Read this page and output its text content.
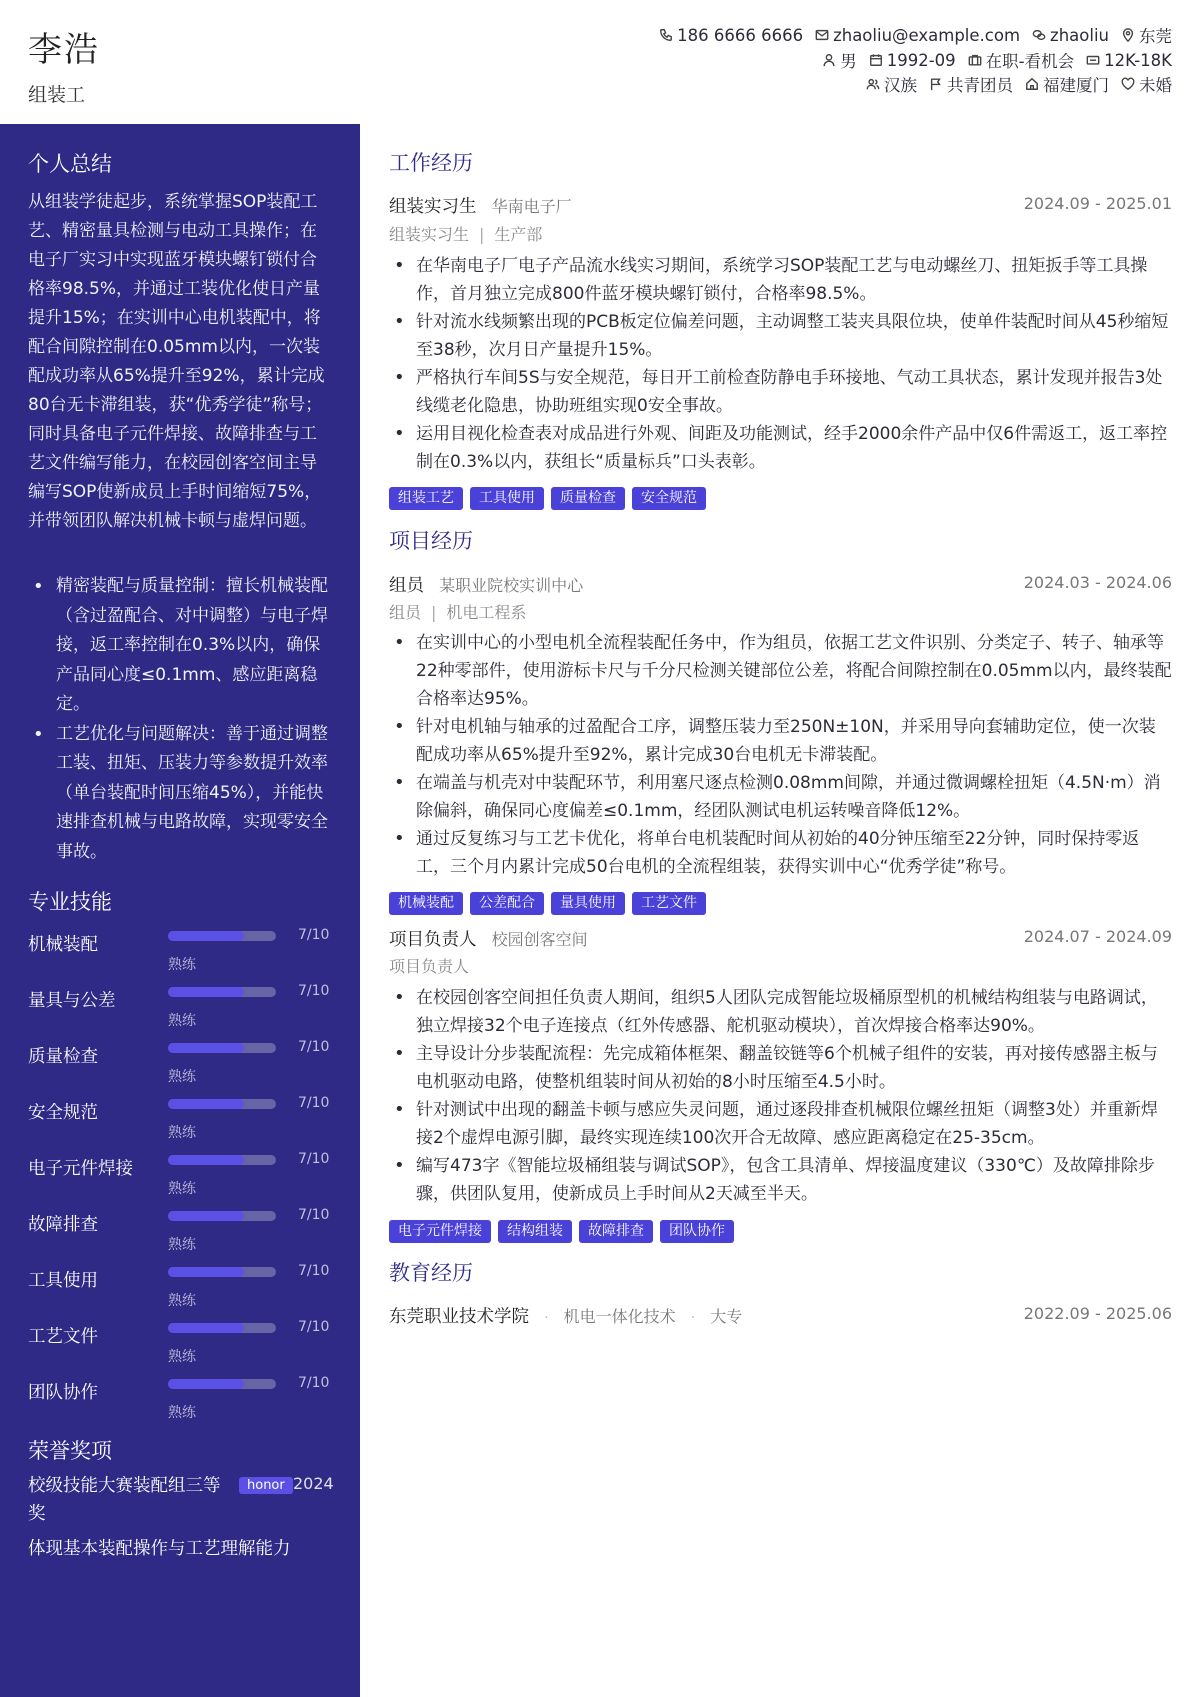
李浩
组装工
186 6666 6666 zhaoliu@example.com zhaoliu 东莞
男 1992-09 在职-看机会 12K-18K
汉族 共青团员 福建厦门 未婚
个人总结
从组装学徒起步，系统掌握SOP装配工艺、精密量具检测与电动工具操作；在电子厂实习中实现蓝牙模块螺钉锁付合格率98.5%，并通过工装优化使日产量提升15%；在实训中心电机装配中，将配合间隙控制在0.05mm以内，一次装配成功率从65%提升至92%，累计完成80台无卡滞组装，获“优秀学徒”称号；同时具备电子元件焊接、故障排查与工艺文件编写能力，在校园创客空间主导编写SOP使新成员上手时间缩短75%，并带领团队解决机械卡顿与虚焊问题。
• 精密装配与质量控制：擅长机械装配（含过盈配合、对中调整）与电子焊接，返工率控制在0.3%以内，确保产品同心度≤0.1mm、感应距离稳定。
• 工艺优化与问题解决：善于通过调整工装、扭矩、压装力等参数提升效率（单台装配时间压缩45%），并能快速排查机械与电路故障，实现零安全事故。
专业技能
机械装配	7/10
熟练
量具与公差	7/10
熟练
质量检查	7/10
熟练
安全规范	7/10
熟练
电子元件焊接	7/10
熟练
故障排查	7/10
熟练
工具使用	7/10
熟练
工艺文件	7/10
熟练
团队协作	7/10
熟练
荣誉奖项
校级技能大赛装配组三等奖
honor 2024
体现基本装配操作与工艺理解能力
工作经历
组装实习生 华南电子厂	2024.09 - 2025.01
组装实习生 | 生产部
• 在华南电子厂电子产品流水线实习期间，系统学习SOP装配工艺与电动螺丝刀、扭矩扳手等工具操作，首月独立完成800件蓝牙模块螺钉锁付，合格率98.5%。
• 针对流水线频繁出现的PCB板定位偏差问题，主动调整工装夹具限位块，使单件装配时间从45秒缩短至38秒，次月日产量提升15%。
• 严格执行车间5S与安全规范，每日开工前检查防静电手环接地、气动工具状态，累计发现并报告3处线缆老化隐患，协助班组实现0安全事故。
• 运用目视化检查表对成品进行外观、间距及功能测试，经手2000余件产品中仅6件需返工，返工率控制在0.3%以内，获组长“质量标兵”口头表彰。
组装工艺	工具使用	质量检查	安全规范
项目经历
组员 某职业院校实训中心	2024.03 - 2024.06
组员 | 机电工程系
• 在实训中心的小型电机全流程装配任务中，作为组员，依据工艺文件识别、分类定子、转子、轴承等22种零部件，使用游标卡尺与千分尺检测关键部位公差，将配合间隙控制在0.05mm以内，最终装配合格率达95%。
• 针对电机轴与轴承的过盈配合工序，调整压装力至250N±10N，并采用导向套辅助定位，使一次装配成功率从65%提升至92%，累计完成30台电机无卡滞装配。
• 在端盖与机壳对中装配环节，利用塞尺逐点检测0.08mm间隙，并通过微调螺栓扭矩（4.5N·m）消除偏斜，确保同心度偏差≤0.1mm，经团队测试电机运转噪音降低12%。
• 通过反复练习与工艺卡优化，将单台电机装配时间从初始的40分钟压缩至22分钟，同时保持零返工，三个月内累计完成50台电机的全流程组装，获得实训中心“优秀学徒”称号。
机械装配	公差配合	量具使用	工艺文件
项目负责人 校园创客空间	2024.07 - 2024.09
项目负责人
• 在校园创客空间担任负责人期间，组织5人团队完成智能垃圾桶原型机的机械结构组装与电路调试，独立焊接32个电子连接点（红外传感器、舵机驱动模块），首次焊接合格率达90%。
• 主导设计分步装配流程：先完成箱体框架、翻盖铰链等6个机械子组件的安装，再对接传感器主板与电机驱动电路，使整机组装时间从初始的8小时压缩至4.5小时。
• 针对测试中出现的翻盖卡顿与感应失灵问题，通过逐段排查机械限位螺丝扭矩（调整3处）并重新焊接2个虚焊电源引脚，最终实现连续100次开合无故障、感应距离稳定在25-35cm。
• 编写473字《智能垃圾桶组装与调试SOP》，包含工具清单、焊接温度建议（330℃）及故障排除步骤，供团队复用，使新成员上手时间从2天减至半天。
电子元件焊接	结构组装	故障排查	团队协作
教育经历
东莞职业技术学院 · 机电一体化技术 · 大专	2022.09 - 2025.06
